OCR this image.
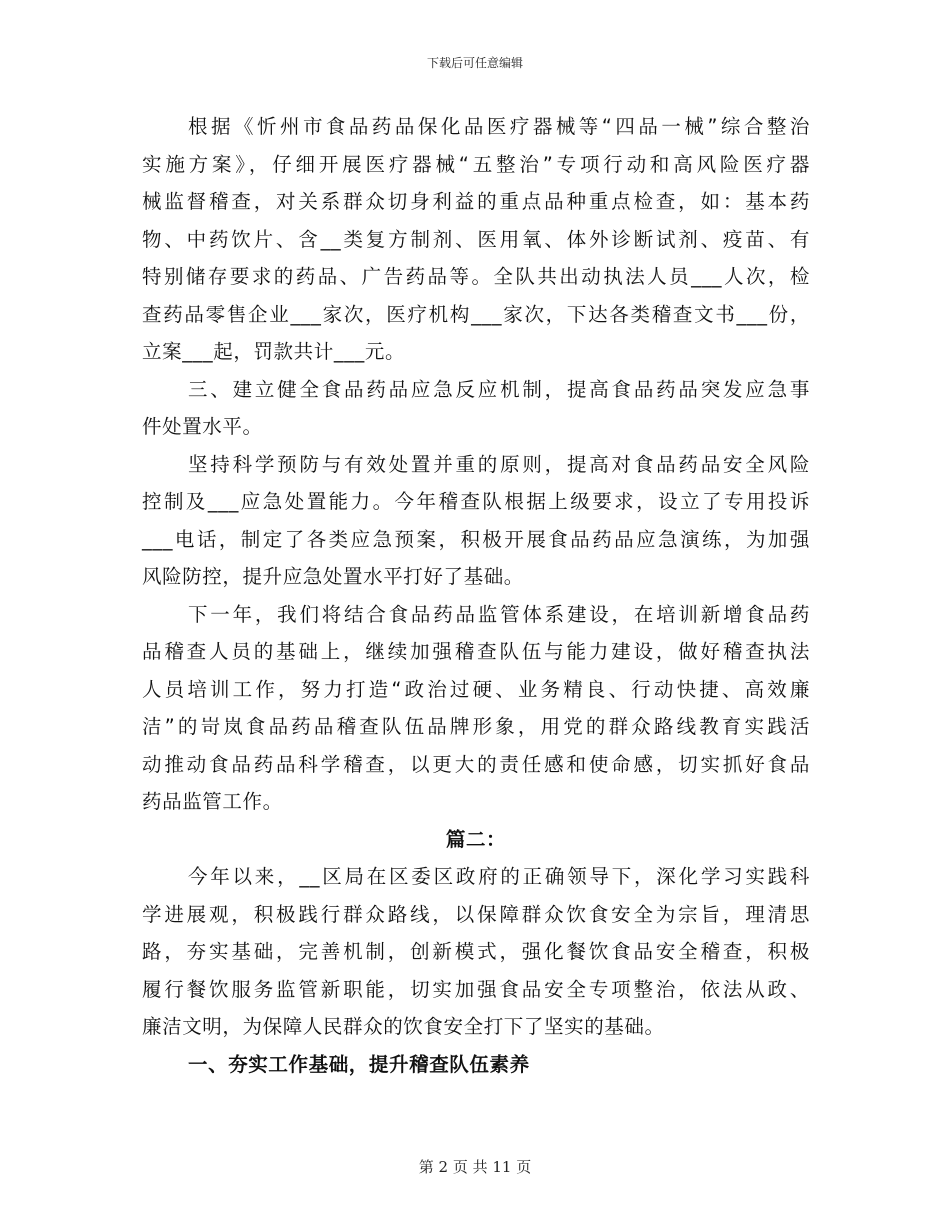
下载后可任意编辑
根据《忻州市食品药品保化品医疗器械等“四品一械”综合整治
实施方案》，仔细开展医疗器械“五整治”专项行动和高风险医疗器
械监督稽查，对关系群众切身利益的重点品种重点检查，如：基本药
物、中药饮片、含__类复方制剂、医用氧、体外诊断试剂、疫苗、有
特别储存要求的药品、广告药品等。全队共出动执法人员___人次，检
查药品零售企业___家次，医疗机构___家次，下达各类稽查文书___份，
立案___起，罚款共计___元。
三、建立健全食品药品应急反应机制，提高食品药品突发应急事
件处置水平。
坚持科学预防与有效处置并重的原则，提高对食品药品安全风险
控制及___应急处置能力。今年稽查队根据上级要求，设立了专用投诉
___电话，制定了各类应急预案，积极开展食品药品应急演练，为加强
风险防控，提升应急处置水平打好了基础。
下一年，我们将结合食品药品监管体系建设，在培训新增食品药
品稽查人员的基础上，继续加强稽查队伍与能力建设，做好稽查执法
人员培训工作，努力打造“政治过硬、业务精良、行动快捷、高效廉
洁”的岢岚食品药品稽查队伍品牌形象，用党的群众路线教育实践活
动推动食品药品科学稽查，以更大的责任感和使命感，切实抓好食品
药品监管工作。
篇二：
今年以来，__区局在区委区政府的正确领导下，深化学习实践科
学进展观，积极践行群众路线，以保障群众饮食安全为宗旨，理清思
路，夯实基础，完善机制，创新模式，强化餐饮食品安全稽查，积极
履行餐饮服务监管新职能，切实加强食品安全专项整治，依法从政、
廉洁文明，为保障人民群众的饮食安全打下了坚实的基础。
一、夯实工作基础，提升稽查队伍素养
第 2 页 共 11 页
